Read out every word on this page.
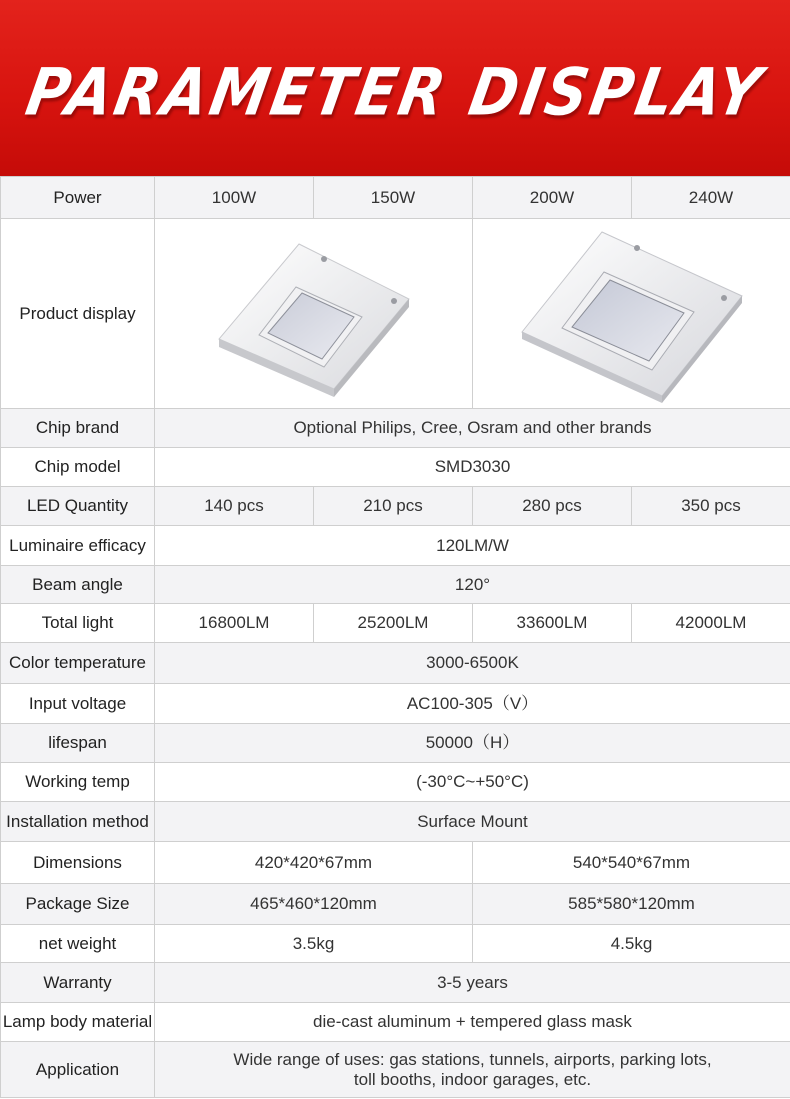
PARAMETER DISPLAY
Power	100W	150W	200W	240W
Product display	

Chip brand	Optional Philips, Cree, Osram and other brands			
Chip model	SMD3030			
LED Quantity	140 pcs	210 pcs	280 pcs	350 pcs
Luminaire efficacy	120LM/W			
Beam angle	120°			
Total light	16800LM	25200LM	33600LM	42000LM
Color temperature	3000-6500K			
Input voltage	AC100-305（V）			
lifespan	50000（H）			
Working temp	(-30°C~+50°C)			
Installation method	Surface Mount			
Dimensions	420*420*67mm		540*540*67mm	
Package Size	465*460*120mm		585*580*120mm	
net weight	3.5kg		4.5kg	
Warranty	3-5 years			
Lamp body material	die-cast aluminum + tempered glass mask			
Application	Wide range of uses: gas stations, tunnels, airports, parking lots,
toll booths, indoor garages, etc.			
